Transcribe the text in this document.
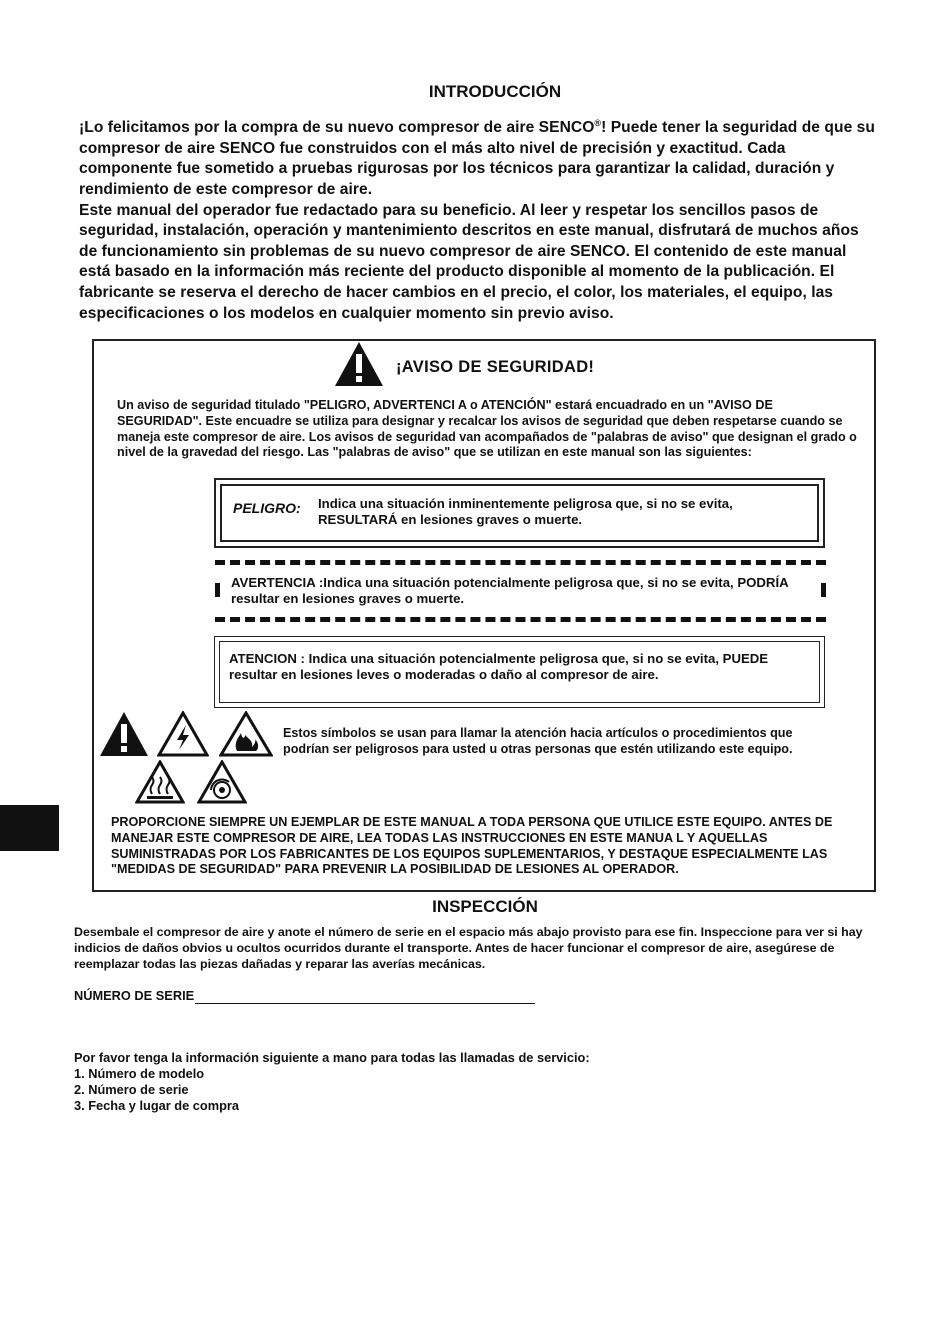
INTRODUCCIÓN

¡Lo felicitamos por la compra de su nuevo compresor de aire SENCO®! Puede tener la seguridad de que su compresor de aire SENCO fue construidos con el más alto nivel de precisión y exactitud. Cada componente fue sometido a pruebas rigurosas por los técnicos para garantizar la calidad, duración y rendimiento de este compresor de aire.

Este manual del operador fue redactado para su beneficio. Al leer y respetar los sencillos pasos de seguridad, instalación, operación y mantenimiento descritos en este manual, disfrutará de muchos años de funcionamiento sin problemas de su nuevo compresor de aire SENCO. El contenido de este manual está basado en la información más reciente del producto disponible al momento de la publicación. El fabricante se reserva el derecho de hacer cambios en el precio, el color, los materiales, el equipo, las especificaciones o los modelos en cualquier momento sin previo aviso.

¡AVISO DE SEGURIDAD!
Un aviso de seguridad titulado "PELIGRO, ADVERTENCI A o ATENCIÓN" estará encuadrado en un "AVISO DE SEGURIDAD". Este encuadre se utiliza para designar y recalcar los avisos de seguridad que deben respetarse cuando se maneja este compresor de aire. Los avisos de seguridad van acompañados de "palabras de aviso" que designan el grado o nivel de la gravedad del riesgo. Las "palabras de aviso" que se utilizan en este manual son las siguientes:
PELIGRO: Indica una situación inminentemente peligrosa que, si no se evita, RESULTARÁ en lesiones graves o muerte.
AVERTENCIA :Indica una situación potencialmente peligrosa que, si no se evita, PODRÍA resultar en lesiones graves o muerte.
ATENCION : Indica una situación potencialmente peligrosa que, si no se evita, PUEDE resultar en lesiones leves o moderadas o daño al compresor de aire.
Estos símbolos se usan para llamar la atención hacia artículos o procedimientos que podrían ser peligrosos para usted u otras personas que estén utilizando este equipo.
PROPORCIONE SIEMPRE UN EJEMPLAR DE ESTE MANUAL A TODA PERSONA QUE UTILICE ESTE EQUIPO. ANTES DE MANEJAR ESTE COMPRESOR DE AIRE, LEA TODAS LAS INSTRUCCIONES EN ESTE MANUA L Y AQUELLAS SUMINISTRADAS POR LOS FABRICANTES DE LOS EQUIPOS SUPLEMENTARIOS, Y DESTAQUE ESPECIALMENTE LAS "MEDIDAS DE SEGURIDAD" PARA PREVENIR LA POSIBILIDAD DE LESIONES AL OPERADOR.
INSPECCIÓN
Desembale el compresor de aire y anote el número de serie en el espacio más abajo provisto para ese fin. Inspeccione para ver si hay indicios de daños obvios u ocultos ocurridos durante el transporte. Antes de hacer funcionar el compresor de aire, asegúrese de reemplazar todas las piezas dañadas y reparar las averías mecánicas.
NÚMERO DE SERIE
Por favor tenga la información siguiente a mano para todas las llamadas de servicio:
1. Número de modelo
2. Número de serie
3. Fecha y lugar de compra
